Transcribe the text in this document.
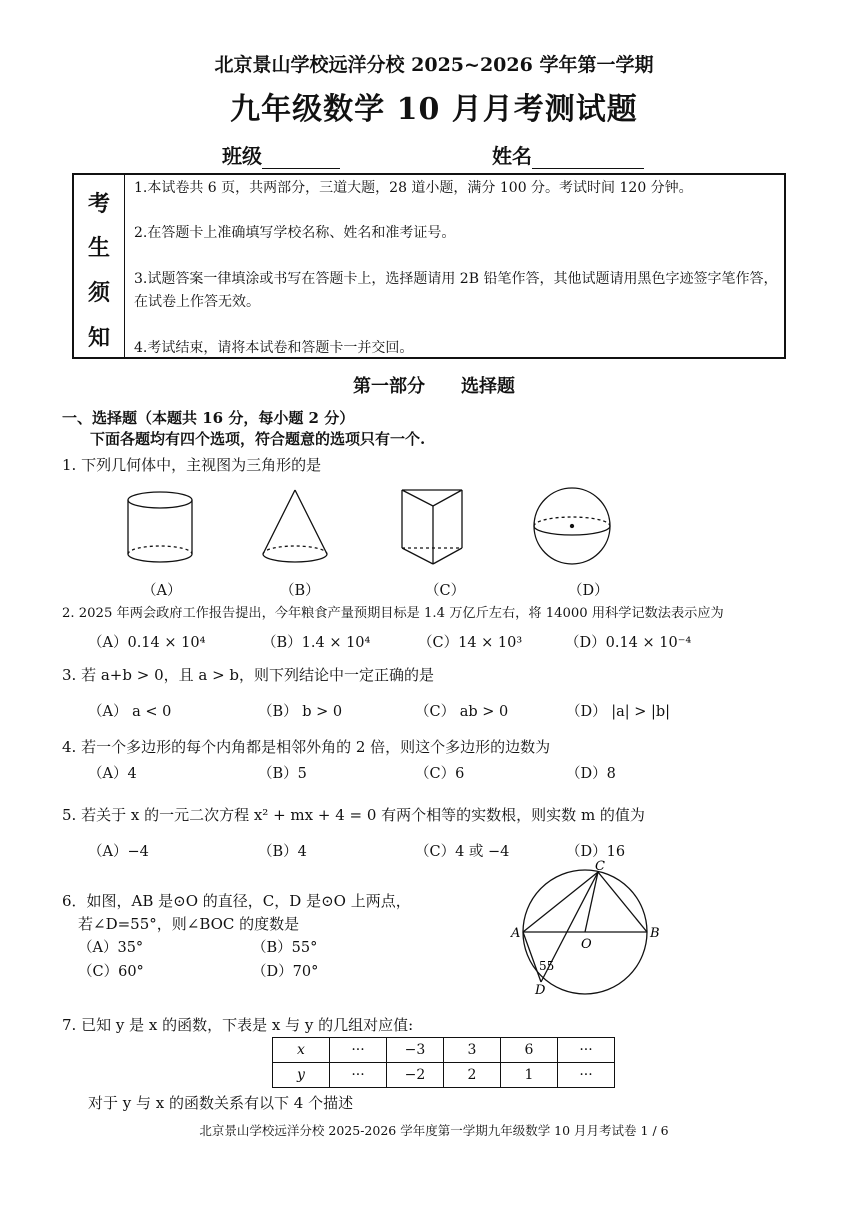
北京景山学校远洋分校 2025~2026 学年第一学期
九年级数学 10 月月考测试题
班级	姓名
考
生
须
知
1.本试卷共 6 页，共两部分，三道大题，28 道小题，满分 100 分。考试时间 120 分钟。
2.在答题卡上准确填写学校名称、姓名和准考证号。
3.试题答案一律填涂或书写在答题卡上，选择题请用 2B 铅笔作答，其他试题请用黑色字迹签字笔作答，在试卷上作答无效。
4.考试结束，请将本试卷和答题卡一并交回。
第一部分　　选择题
一、选择题（本题共 16 分，每小题 2 分）
下面各题均有四个选项，符合题意的选项只有一个.
1. 下列几何体中，主视图为三角形的是
（A）	（B）	（C）	（D）
2. 2025 年两会政府工作报告提出，今年粮食产量预期目标是 1.4 万亿斤左右，将 14000 用科学记数法表示应为
（A）0.14 × 10⁴	（B）1.4 × 10⁴	（C）14 × 10³	（D）0.14 × 10⁻⁴
3. 若 a+b > 0，且 a > b，则下列结论中一定正确的是
（A） a < 0	（B） b > 0	（C） ab > 0	（D） |a| > |b|
4. 若一个多边形的每个内角都是相邻外角的 2 倍，则这个多边形的边数为
（A）4	（B）5	（C）6	（D）8
5. 若关于 x 的一元二次方程 x² + mx + 4 = 0 有两个相等的实数根，则实数 m 的值为
（A）−4	（B）4	（C）4 或 −4	（D）16
6．如图，AB 是⊙O 的直径，C，D 是⊙O 上两点，
若∠D=55°，则∠BOC 的度数是
（A）35°	（B）55°
（C）60°	（D）70°
A	B
C
D
O
55
7. 已知 y 是 x 的函数，下表是 x 与 y 的几组对应值:
x	···	−3	3	6	···
y	···	−2	2	1	···
对于 y 与 x 的函数关系有以下 4 个描述
北京景山学校远洋分校 2025-2026 学年度第一学期九年级数学 10 月月考试卷 1 / 6
